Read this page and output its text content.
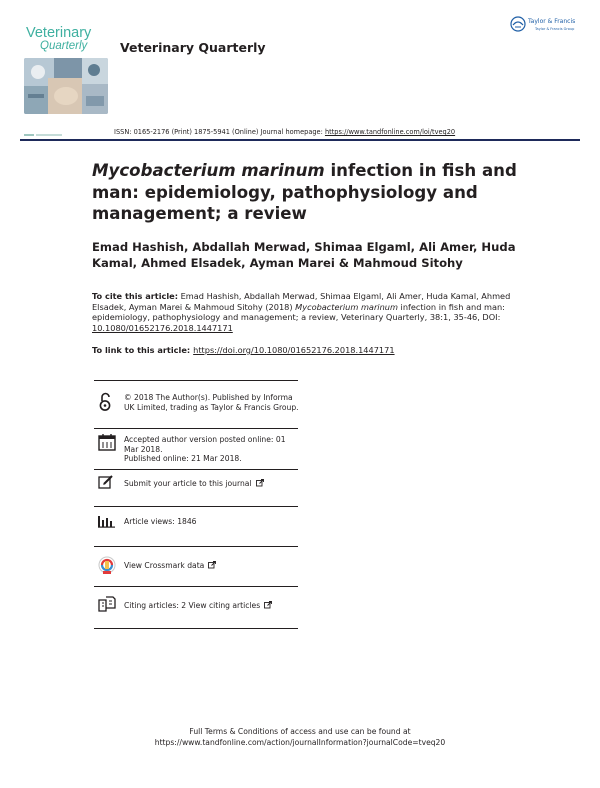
Veterinary
Quarterly	Veterinary Quarterly
Taylor & Francis
Taylor & Francis Group
ISSN: 0165-2176 (Print) 1875-5941 (Online) Journal homepage: https://www.tandfonline.com/loi/tveq20
Mycobacterium marinum infection in fish and man: epidemiology, pathophysiology and management; a review
Emad Hashish, Abdallah Merwad, Shimaa Elgaml, Ali Amer, Huda Kamal, Ahmed Elsadek, Ayman Marei & Mahmoud Sitohy
To cite this article: Emad Hashish, Abdallah Merwad, Shimaa Elgaml, Ali Amer, Huda Kamal, Ahmed Elsadek, Ayman Marei & Mahmoud Sitohy (2018) Mycobacterium marinum infection in fish and man: epidemiology, pathophysiology and management; a review, Veterinary Quarterly, 38:1, 35-46, DOI: 10.1080/01652176.2018.1447171
To link to this article: https://doi.org/10.1080/01652176.2018.1447171
© 2018 The Author(s). Published by Informa UK Limited, trading as Taylor & Francis Group.
Accepted author version posted online: 01 Mar 2018.
Published online: 21 Mar 2018.
Submit your article to this journal
Article views: 1846
View Crossmark data
Citing articles: 2 View citing articles
Full Terms & Conditions of access and use can be found at
https://www.tandfonline.com/action/journalInformation?journalCode=tveq20
